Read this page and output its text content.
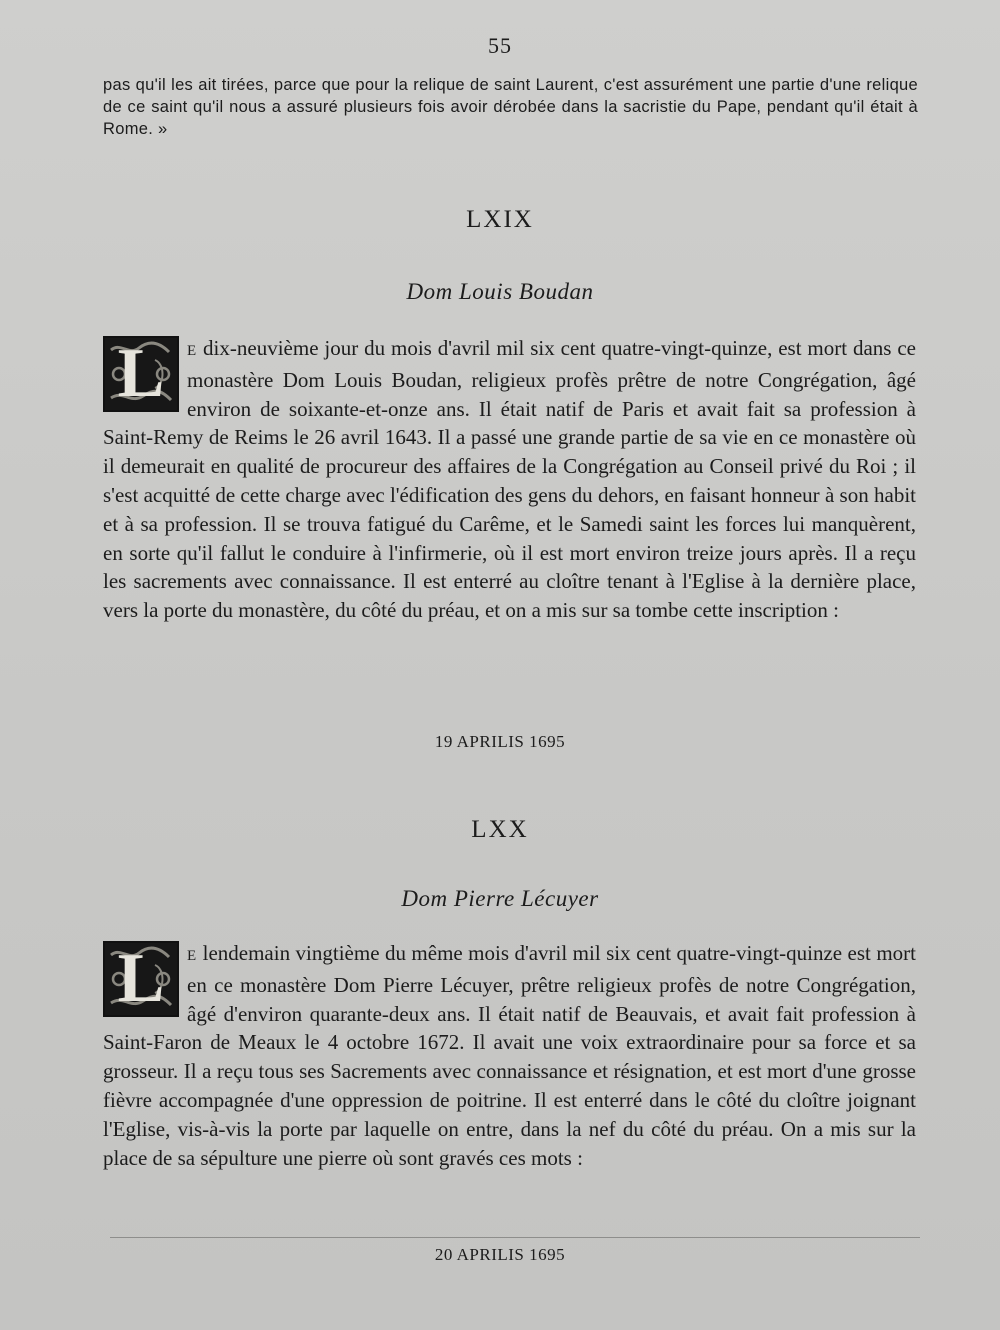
55
pas qu'il les ait tirées, parce que pour la relique de saint Laurent, c'est assurément une partie d'une relique de ce saint qu'il nous a assuré plusieurs fois avoir dérobée dans la sacristie du Pape, pendant qu'il était à Rome. »
LXIX
Dom Louis Boudan
L	E dix-neuvième jour du mois d'avril mil six cent quatre-vingt-quinze, est mort dans ce monastère Dom Louis Boudan, religieux profès prêtre de notre Congrégation, âgé environ de soixante-et-onze ans. Il était natif de Paris et avait fait sa profession à Saint-Remy de Reims le 26 avril 1643. Il a passé une grande partie de sa vie en ce monastère où il demeurait en qualité de procureur des affaires de la Congrégation au Conseil privé du Roi ; il s'est acquitté de cette charge avec l'édification des gens du dehors, en faisant honneur à son habit et à sa profession. Il se trouva fatigué du Carême, et le Samedi saint les forces lui manquèrent, en sorte qu'il fallut le conduire à l'infirmerie, où il est mort environ treize jours après. Il a reçu les sacrements avec connaissance. Il est enterré au cloître tenant à l'Eglise à la dernière place, vers la porte du monastère, du côté du préau, et on a mis sur sa tombe cette inscription :
19 APRILIS 1695
LXX
Dom Pierre Lécuyer
L	E lendemain vingtième du même mois d'avril mil six cent quatre-vingt-quinze est mort en ce monastère Dom Pierre Lécuyer, prêtre religieux profès de notre Congrégation, âgé d'environ quarante-deux ans. Il était natif de Beauvais, et avait fait profession à Saint-Faron de Meaux le 4 octobre 1672. Il avait une voix extraordinaire pour sa force et sa grosseur. Il a reçu tous ses Sacrements avec connaissance et résignation, et est mort d'une grosse fièvre accompagnée d'une oppression de poitrine. Il est enterré dans le côté du cloître joignant l'Eglise, vis-à-vis la porte par laquelle on entre, dans la nef du côté du préau. On a mis sur la place de sa sépulture une pierre où sont gravés ces mots :
20 APRILIS 1695
